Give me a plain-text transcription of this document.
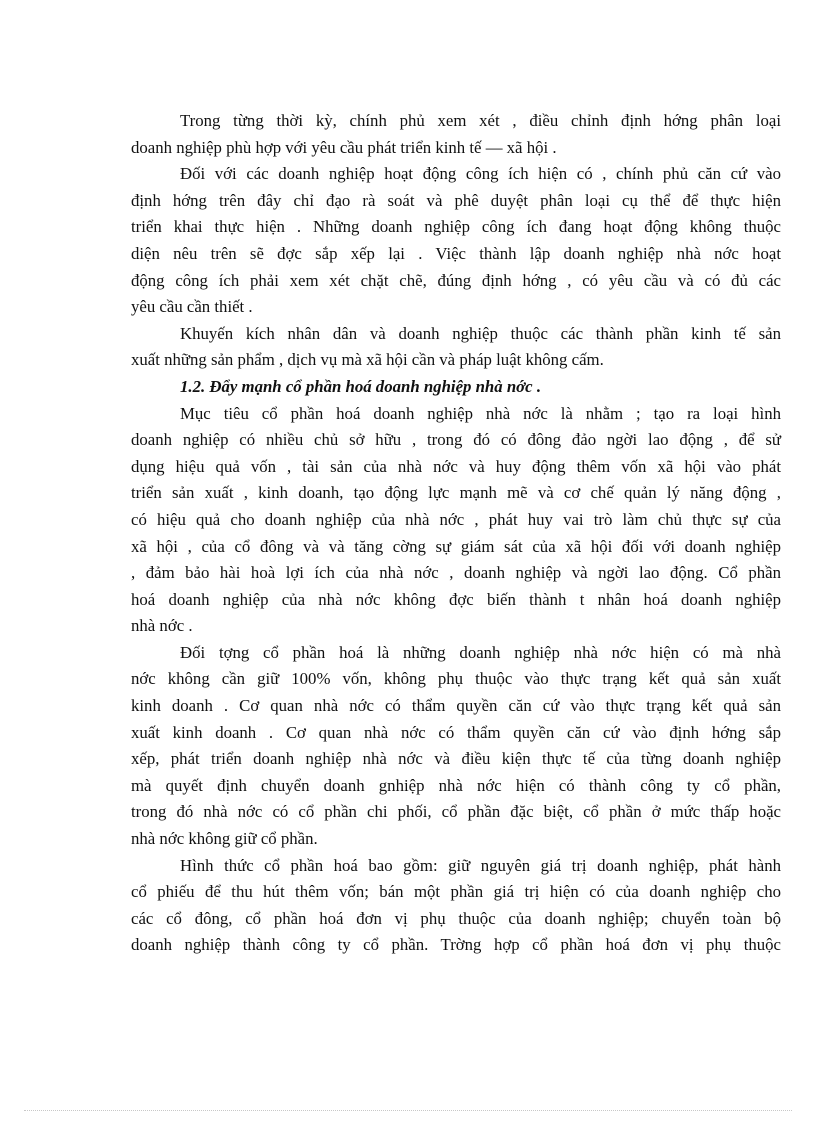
Trong từng thời kỳ, chính phủ xem xét , điều chỉnh định hớng phân loại
doanh nghiệp phù hợp với yêu cầu phát triển kinh tế — xã hội .
Đối với các doanh nghiệp hoạt động công ích hiện có , chính phủ căn cứ vào
định hớng trên đây chỉ đạo rà soát và phê duyệt phân loại cụ thể để thực hiện
triển khai thực hiện . Những doanh nghiệp công ích đang hoạt động không thuộc
diện nêu trên sẽ đợc sắp xếp lại . Việc thành lập doanh nghiệp nhà nớc hoạt
động công ích phải xem xét chặt chẽ, đúng định hớng , có yêu cầu và có đủ các
yêu cầu cần thiết .
Khuyến kích nhân dân và doanh nghiệp thuộc các thành phần kinh tế sản
xuất những sản phẩm , dịch vụ mà xã hội cần và pháp luật không cấm.
1.2. Đẩy mạnh cổ phần hoá doanh nghiệp nhà nớc .
Mục tiêu cổ phần hoá doanh nghiệp nhà nớc là nhằm ; tạo ra loại hình
doanh nghiệp có nhiều chủ sở hữu , trong đó có đông đảo ngời lao động , để sử
dụng hiệu quả vốn , tài sản của nhà nớc và huy động thêm vốn xã hội vào phát
triển sản xuất , kinh doanh, tạo động lực mạnh mẽ và cơ chế quản lý năng động ,
có hiệu quả cho doanh nghiệp của nhà nớc , phát huy vai trò làm chủ thực sự của
xã hội , của cổ đông và và tăng cờng sự giám sát của xã hội đối với doanh nghiệp
, đảm bảo hài hoà lợi ích của nhà nớc , doanh nghiệp và ngời lao động. Cổ phần
hoá doanh nghiệp của nhà nớc không đợc biến thành t nhân hoá doanh nghiệp
nhà nớc .
Đối tợng cổ phần hoá là những doanh nghiệp nhà nớc hiện có mà nhà
nớc không cần giữ 100% vốn, không phụ thuộc vào thực trạng kết quả sản xuất
kinh doanh . Cơ quan nhà nớc có thẩm quyền căn cứ vào thực trạng kết quả sản
xuất kinh doanh . Cơ quan nhà nớc có thẩm quyền căn cứ vào định hớng sắp
xếp, phát triển doanh nghiệp nhà nớc và điều kiện thực tế của từng doanh nghiệp
mà quyết định chuyển doanh gnhiệp nhà nớc hiện có thành công ty cổ phần,
trong đó nhà nớc có cổ phần chi phối, cổ phần đặc biệt, cổ phần ở mức thấp hoặc
nhà nớc không giữ cổ phần.
Hình thức cổ phần hoá bao gồm: giữ nguyên giá trị doanh nghiệp, phát hành
cổ phiếu để thu hút thêm vốn; bán một phần giá trị hiện có của doanh nghiệp cho
các cổ đông, cổ phần hoá đơn vị phụ thuộc của doanh nghiệp; chuyển toàn bộ
doanh nghiệp thành công ty cổ phần. Trờng hợp cổ phần hoá đơn vị phụ thuộc
